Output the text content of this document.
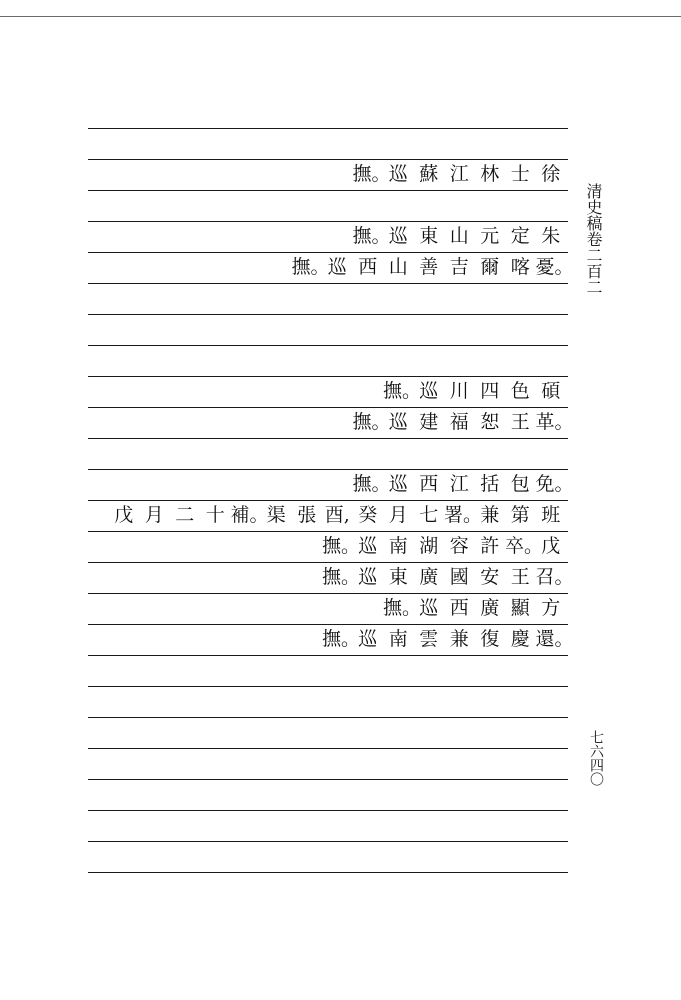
徐
士
林
江
蘇
巡
撫。
朱
定
元
山
東
巡
撫。
憂。
喀
爾
吉
善
山
西
巡
撫。
碩
色
四
川
巡
撫。
革。
王
恕
福
建
巡
撫。
免。
包
括
江
西
巡
撫。
班
第
兼
署。
七
月
癸
酉,
張
渠
補。
十
二
月
戊
戊
卒。
許
容
湖
南
巡
撫。
召。
王
安
國
廣
東
巡
撫。
方
顯
廣
西
巡
撫。
還。
慶
復
兼
雲
南
巡
撫。
清史稿卷二百二
七六四〇
